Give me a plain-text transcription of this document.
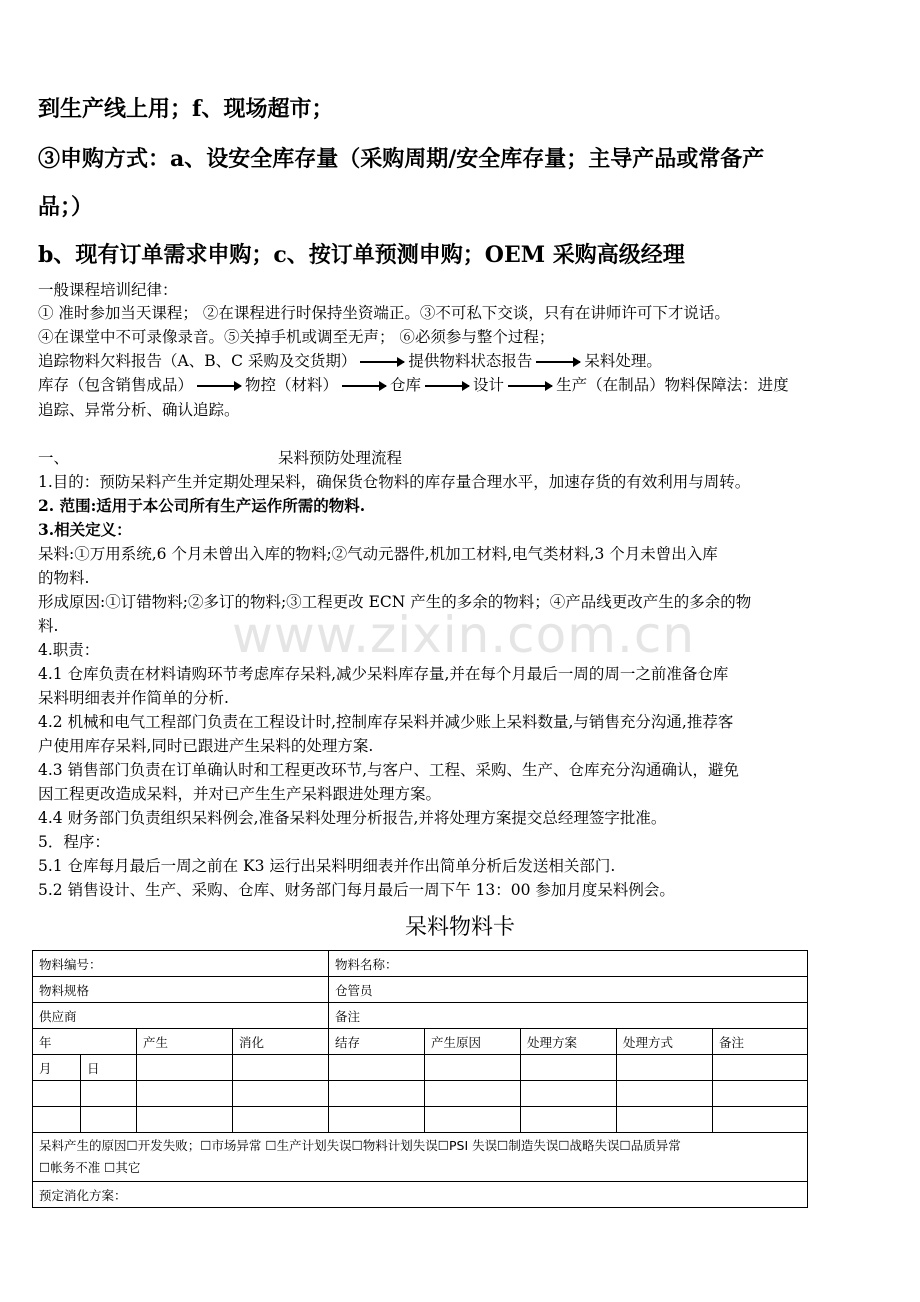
www.zixin.com.cn
到生产线上用；f、现场超市；
③申购方式：a、设安全库存量（采购周期/安全库存量；主导产品或常备产
品；）
b、现有订单需求申购；c、按订单预测申购；OEM 采购高级经理
一般课程培训纪律：
① 准时参加当天课程； ②在课程进行时保持坐资端正。③不可私下交谈，只有在讲师许可下才说话。
④在课堂中不可录像录音。⑤关掉手机或调至无声； ⑥必须参与整个过程；
追踪物料欠料报告（A、B、C 采购及交货期）	提供物料状态报告	呆料处理。
库存（包含销售成品）	物控（材料）	仓库	设计	生产（在制品）物料保障法：进度
追踪、异常分析、确认追踪。
一、	呆料预防处理流程
1.目的：预防呆料产生并定期处理呆料，确保货仓物料的库存量合理水平，加速存货的有效利用与周转。
2. 范围:适用于本公司所有生产运作所需的物料.
3.相关定义：
呆料:①万用系统,6 个月未曾出入库的物料;②气动元器件,机加工材料,电气类材料,3 个月未曾出入库
的物料.
形成原因:①订错物料;②多订的物料;③工程更改 ECN 产生的多余的物料；④产品线更改产生的多余的物
料.
4.职责：
4.1 仓库负责在材料请购环节考虑库存呆料,减少呆料库存量,并在每个月最后一周的周一之前准备仓库
呆料明细表并作简单的分析.
4.2 机械和电气工程部门负责在工程设计时,控制库存呆料并减少账上呆料数量,与销售充分沟通,推荐客
户使用库存呆料,同时已跟进产生呆料的处理方案.
4.3 销售部门负责在订单确认时和工程更改环节,与客户、工程、采购、生产、仓库充分沟通确认，避免
因工程更改造成呆料，并对已产生生产呆料跟进处理方案。
4.4 财务部门负责组织呆料例会,准备呆料处理分析报告,并将处理方案提交总经理签字批准。
5．程序：
5.1 仓库每月最后一周之前在 K3 运行出呆料明细表并作出简单分析后发送相关部门.
5.2 销售设计、生产、采购、仓库、财务部门每月最后一周下午 13：00 参加月度呆料例会。
呆料物料卡
物料编号：				物料名称：				
物料规格				仓管员				
供应商				备注				
年		产生	消化	结存	产生原因	处理方案	处理方式	备注
月	日							

呆料产生的原因☐开发失败；☐市场异常 ☐生产计划失误☐物料计划失误☐PSI 失误☐制造失误☐战略失误☐品质异常
☐帐务不准 ☐其它								

预定消化方案：								
